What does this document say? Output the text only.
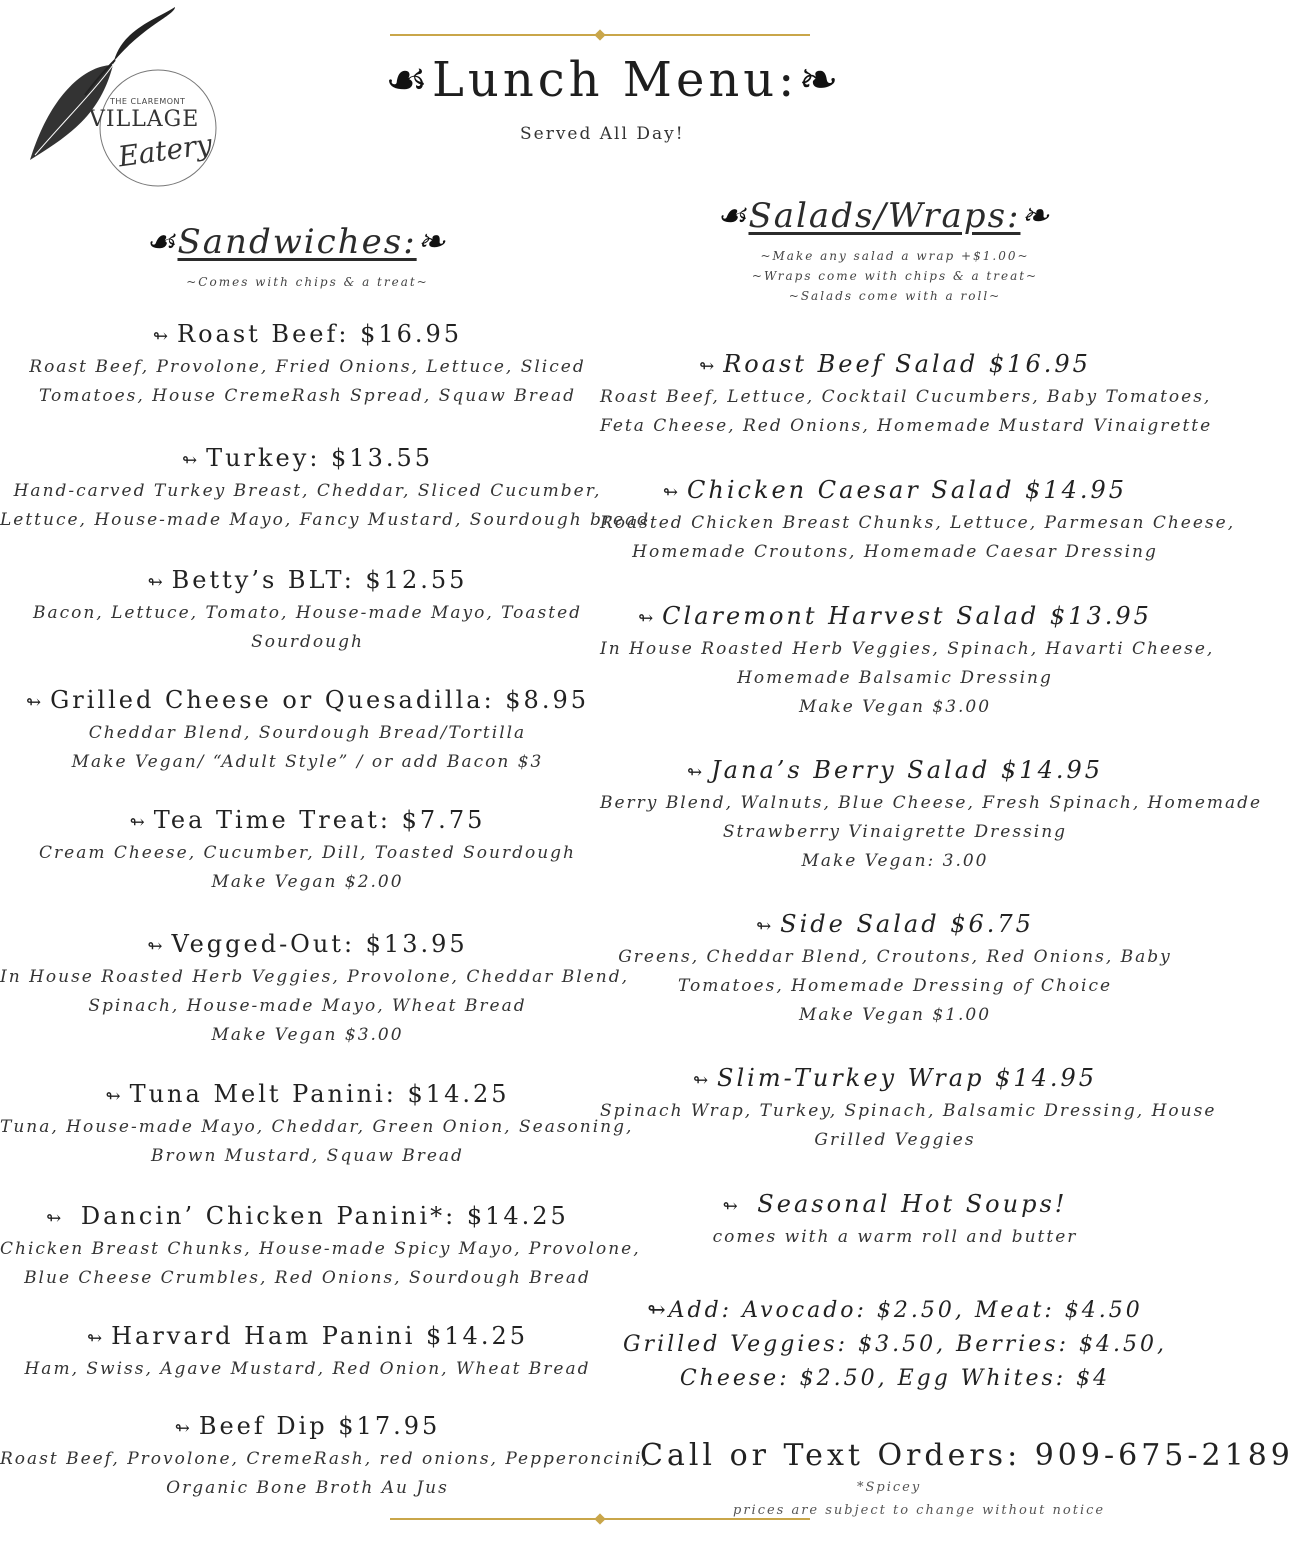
THE CLAREMONT
VILLAGE
Eatery
☙Lunch Menu:❧
Served All Day!
☙Sandwiches:❧
~Comes with chips & a treat~
☙Salads/Wraps:❧
~Make any salad a wrap +$1.00~
~Wraps come with chips & a treat~
~Salads come with a roll~
↬ Roast Beef: $16.95
Roast Beef, Provolone, Fried Onions, Lettuce, Sliced
Tomatoes, House CremeRash Spread, Squaw Bread
↬ Turkey: $13.55
Hand-carved Turkey Breast, Cheddar, Sliced Cucumber,
Lettuce, House-made Mayo, Fancy Mustard, Sourdough bread
↬ Betty’s BLT: $12.55
Bacon, Lettuce, Tomato, House-made Mayo, Toasted
Sourdough
↬ Grilled Cheese or Quesadilla: $8.95
Cheddar Blend, Sourdough Bread/Tortilla
Make Vegan/ “Adult Style” / or add Bacon $3
↬ Tea Time Treat: $7.75
Cream Cheese, Cucumber, Dill, Toasted Sourdough
Make Vegan $2.00
↬ Vegged-Out: $13.95
In House Roasted Herb Veggies, Provolone, Cheddar Blend,
Spinach, House-made Mayo, Wheat Bread
Make Vegan $3.00
↬ Tuna Melt Panini: $14.25
Tuna, House-made Mayo, Cheddar, Green Onion, Seasoning,
Brown Mustard, Squaw Bread
↬ Dancin’ Chicken Panini*: $14.25
Chicken Breast Chunks, House-made Spicy Mayo, Provolone,
Blue Cheese Crumbles, Red Onions, Sourdough Bread
↬ Harvard Ham Panini $14.25
Ham, Swiss, Agave Mustard, Red Onion, Wheat Bread
↬ Beef Dip $17.95
Roast Beef, Provolone, CremeRash, red onions, Pepperoncini,
Organic Bone Broth Au Jus
↬ Roast Beef Salad $16.95
Roast Beef, Lettuce, Cocktail Cucumbers, Baby Tomatoes,
Feta Cheese, Red Onions, Homemade Mustard Vinaigrette
↬ Chicken Caesar Salad $14.95
Roasted Chicken Breast Chunks, Lettuce, Parmesan Cheese,
Homemade Croutons, Homemade Caesar Dressing
↬ Claremont Harvest Salad $13.95
In House Roasted Herb Veggies, Spinach, Havarti Cheese,
Homemade Balsamic Dressing
Make Vegan $3.00
↬ Jana’s Berry Salad $14.95
Berry Blend, Walnuts, Blue Cheese, Fresh Spinach, Homemade
Strawberry Vinaigrette Dressing
Make Vegan: 3.00
↬ Side Salad $6.75
Greens, Cheddar Blend, Croutons, Red Onions, Baby
Tomatoes, Homemade Dressing of Choice
Make Vegan $1.00
↬ Slim-Turkey Wrap $14.95
Spinach Wrap, Turkey, Spinach, Balsamic Dressing, House
Grilled Veggies
↬ Seasonal Hot Soups!
comes with a warm roll and butter
↬Add: Avocado: $2.50, Meat: $4.50
Grilled Veggies: $3.50, Berries: $4.50,
Cheese: $2.50, Egg Whites: $4
Call or Text Orders: 909-675-2189
*Spicey
prices are subject to change without notice
